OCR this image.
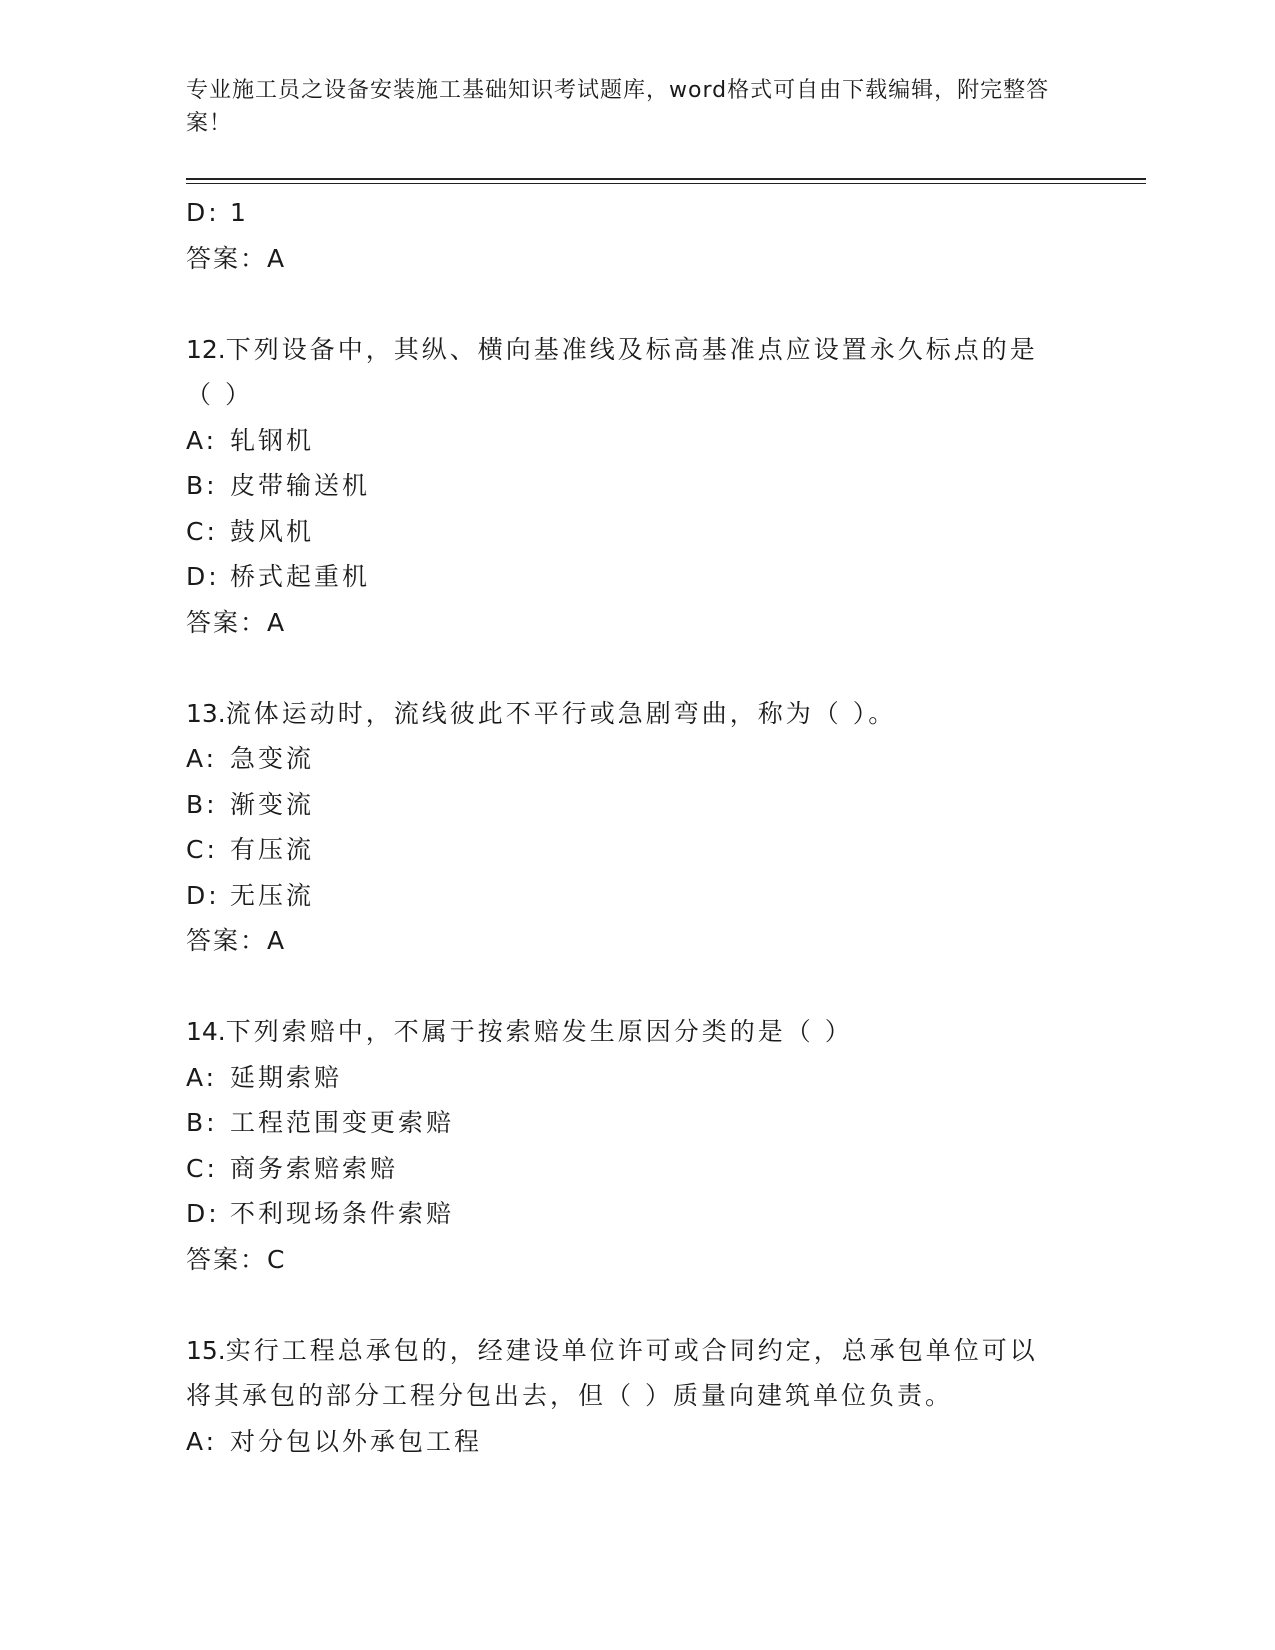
专业施工员之设备安装施工基础知识考试题库，word格式可自由下载编辑，附完整答案！
D: 1
答案：A
12.下列设备中，其纵、横向基准线及标高基准点应设置永久标点的是
（ ）
A: 轧钢机
B: 皮带输送机
C: 鼓风机
D: 桥式起重机
答案：A
13.流体运动时，流线彼此不平行或急剧弯曲，称为（ ）。
A: 急变流
B: 渐变流
C: 有压流
D: 无压流
答案：A
14.下列索赔中，不属于按索赔发生原因分类的是（ ）
A: 延期索赔
B: 工程范围变更索赔
C: 商务索赔索赔
D: 不利现场条件索赔
答案：C
15.实行工程总承包的，经建设单位许可或合同约定，总承包单位可以
将其承包的部分工程分包出去，但（ ）质量向建筑单位负责。
A: 对分包以外承包工程
